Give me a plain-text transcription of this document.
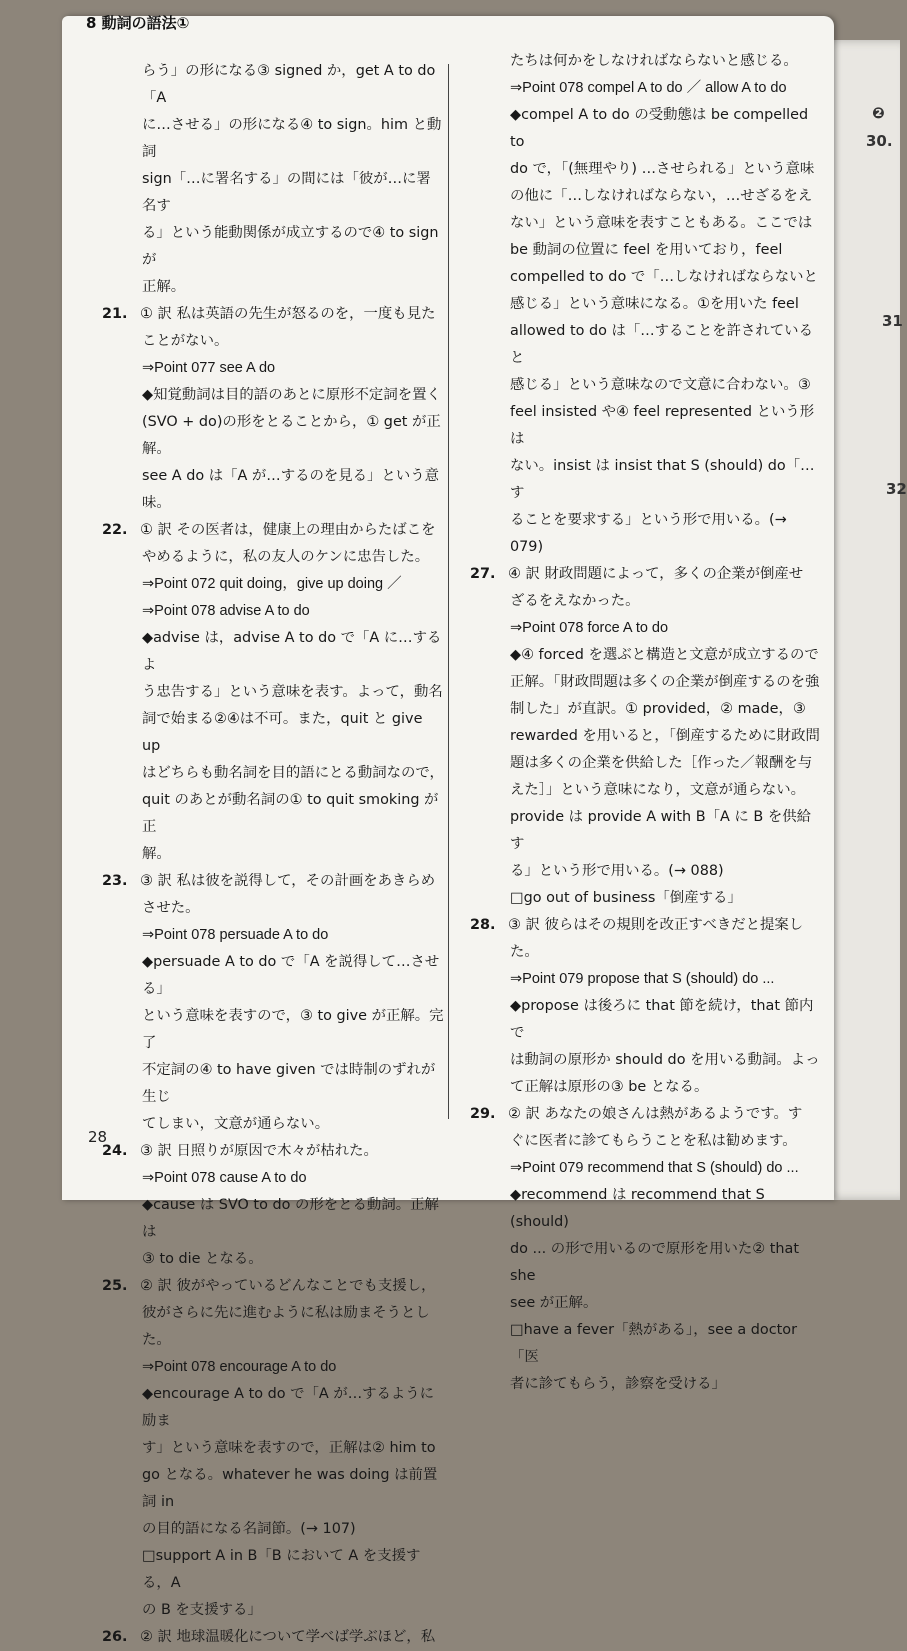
❷
30.
31
32
8 動詞の語法①

らう」の形になる③ signed か，get A to do「A

に…させる」の形になる④ to sign。him と動詞

sign「…に署名する」の間には「彼が…に署名す

る」という能動関係が成立するので④ to sign が

正解。

21. ① 訳 私は英語の先生が怒るのを，一度も見た

ことがない。

⇒Point 077 see A do

◆知覚動詞は目的語のあとに原形不定詞を置く

(SVO + do)の形をとることから，① get が正解。

see A do は「A が…するのを見る」という意味。

22. ① 訳 その医者は，健康上の理由からたばこを

やめるように，私の友人のケンに忠告した。

⇒Point 072 quit doing，give up doing ／

⇒Point 078 advise A to do

◆advise は，advise A to do で「A に…するよ

う忠告する」という意味を表す。よって，動名

詞で始まる②④は不可。また，quit と give up

はどちらも動名詞を目的語にとる動詞なので，

quit のあとが動名詞の① to quit smoking が正

解。

23. ③ 訳 私は彼を説得して，その計画をあきらめ

させた。

⇒Point 078 persuade A to do

◆persuade A to do で「A を説得して…させる」

という意味を表すので，③ to give が正解。完了

不定詞の④ to have given では時制のずれが生じ

てしまい，文意が通らない。

24. ③ 訳 日照りが原因で木々が枯れた。

⇒Point 078 cause A to do

◆cause は SVO to do の形をとる動詞。正解は

③ to die となる。

25. ② 訳 彼がやっているどんなことでも支援し，

彼がさらに先に進むように私は励まそうとした。

⇒Point 078 encourage A to do

◆encourage A to do で「A が…するように励ま

す」という意味を表すので，正解は② him to

go となる。whatever he was doing は前置詞 in

の目的語になる名詞節。(→ 107)

□support A in B「B において A を支援する，A

の B を支援する」

26. ② 訳 地球温暖化について学べば学ぶほど，私

たちは何かをしなければならないと感じる。

⇒Point 078 compel A to do ／ allow A to do

◆compel A to do の受動態は be compelled to

do で，「(無理やり) …させられる」という意味

の他に「…しなければならない，…せざるをえ

ない」という意味を表すこともある。ここでは

be 動詞の位置に feel を用いており，feel

compelled to do で「…しなければならないと

感じる」という意味になる。①を用いた feel

allowed to do は「…することを許されていると

感じる」という意味なので文意に合わない。③

feel insisted や④ feel represented という形は

ない。insist は insist that S (should) do「…す

ることを要求する」という形で用いる。(→ 079)

27. ④ 訳 財政問題によって，多くの企業が倒産せ

ざるをえなかった。

⇒Point 078 force A to do

◆④ forced を選ぶと構造と文意が成立するので

正解。「財政問題は多くの企業が倒産するのを強

制した」が直訳。① provided，② made，③

rewarded を用いると，「倒産するために財政問

題は多くの企業を供給した［作った／報酬を与

えた］」という意味になり，文意が通らない。

provide は provide A with B「A に B を供給す

る」という形で用いる。(→ 088)

□go out of business「倒産する」

28. ③ 訳 彼らはその規則を改正すべきだと提案し

た。

⇒Point 079 propose that S (should) do ...

◆propose は後ろに that 節を続け，that 節内で

は動詞の原形か should do を用いる動詞。よっ

て正解は原形の③ be となる。

29. ② 訳 あなたの娘さんは熱があるようです。す

ぐに医者に診てもらうことを私は勧めます。

⇒Point 079 recommend that S (should) do ...

◆recommend は recommend that S (should)

do ... の形で用いるので原形を用いた② that she

see が正解。

□have a fever「熱がある」，see a doctor「医

者に診てもらう，診察を受ける」

28
